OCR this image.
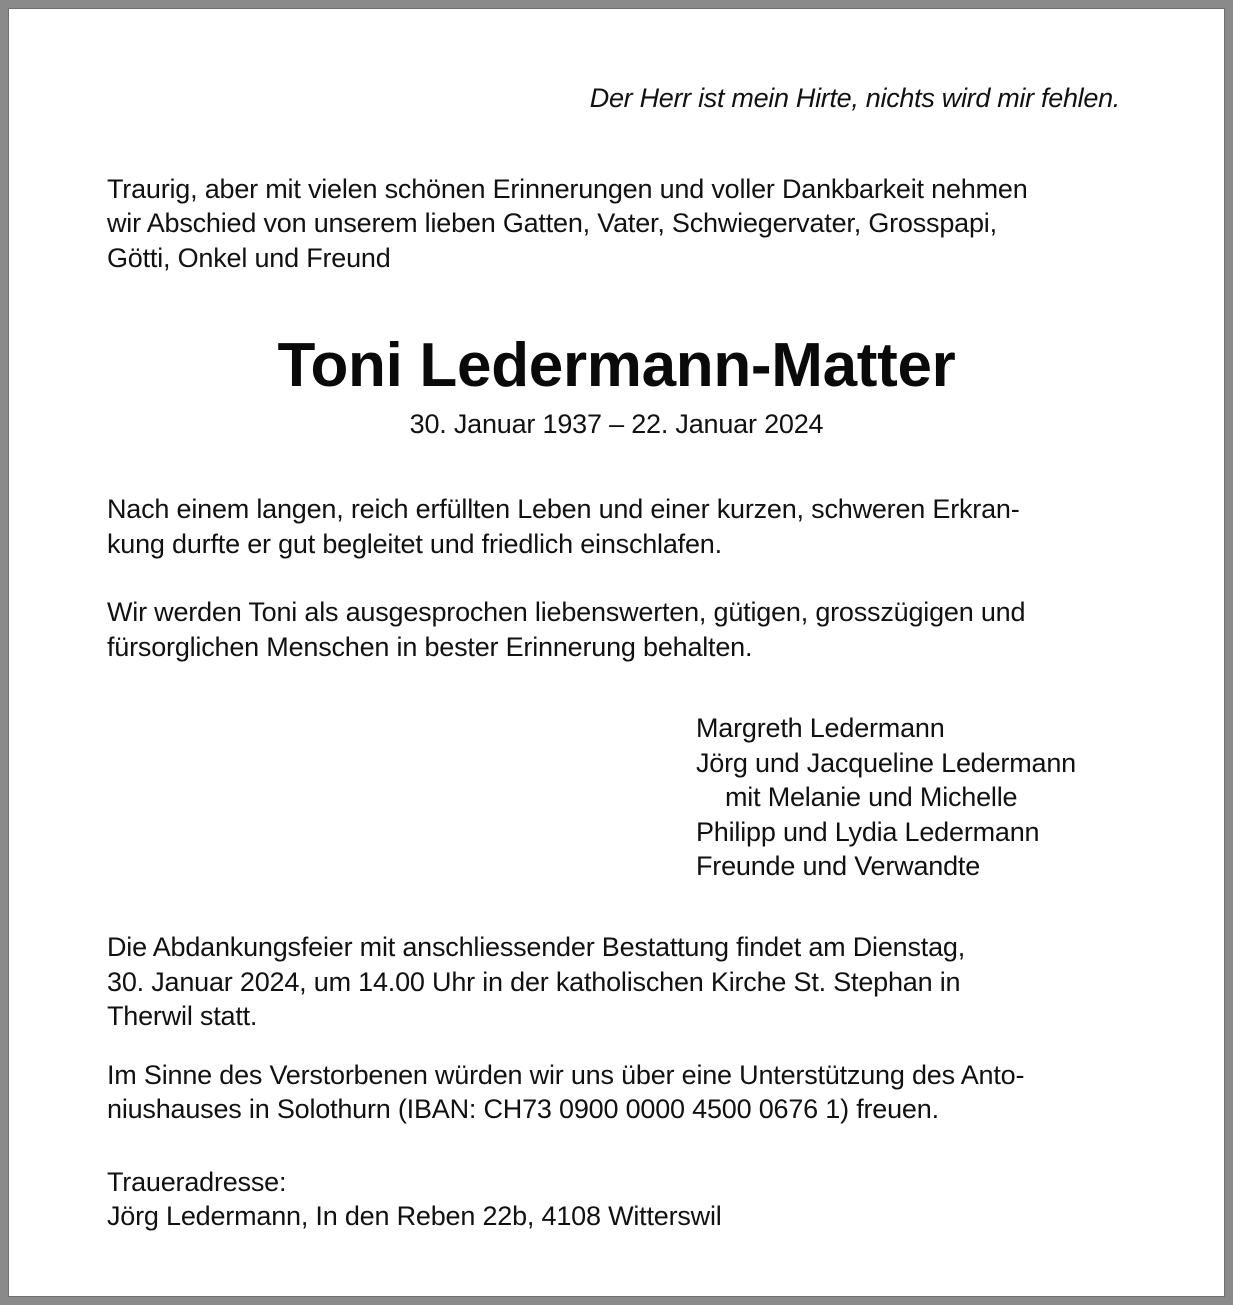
Der Herr ist mein Hirte, nichts wird mir fehlen.
Traurig, aber mit vielen schönen Erinnerungen und voller Dankbarkeit nehmen
wir Abschied von unserem lieben Gatten, Vater, Schwiegervater, Grosspapi,
Götti, Onkel und Freund
Toni Ledermann-Matter
30. Januar 1937 – 22. Januar 2024
Nach einem langen, reich erfüllten Leben und einer kurzen, schweren Erkran-
kung durfte er gut begleitet und friedlich einschlafen.
Wir werden Toni als ausgesprochen liebenswerten, gütigen, grosszügigen und
fürsorglichen Menschen in bester Erinnerung behalten.
Margreth Ledermann
Jörg und Jacqueline Ledermann
mit Melanie und Michelle
Philipp und Lydia Ledermann
Freunde und Verwandte
Die Abdankungsfeier mit anschliessender Bestattung findet am Dienstag,
30. Januar 2024, um 14.00 Uhr in der katholischen Kirche St. Stephan in
Therwil statt.
Im Sinne des Verstorbenen würden wir uns über eine Unterstützung des Anto-
niushauses in Solothurn (IBAN: CH73 0900 0000 4500 0676 1) freuen.
Traueradresse:
Jörg Ledermann, In den Reben 22b, 4108 Witterswil
